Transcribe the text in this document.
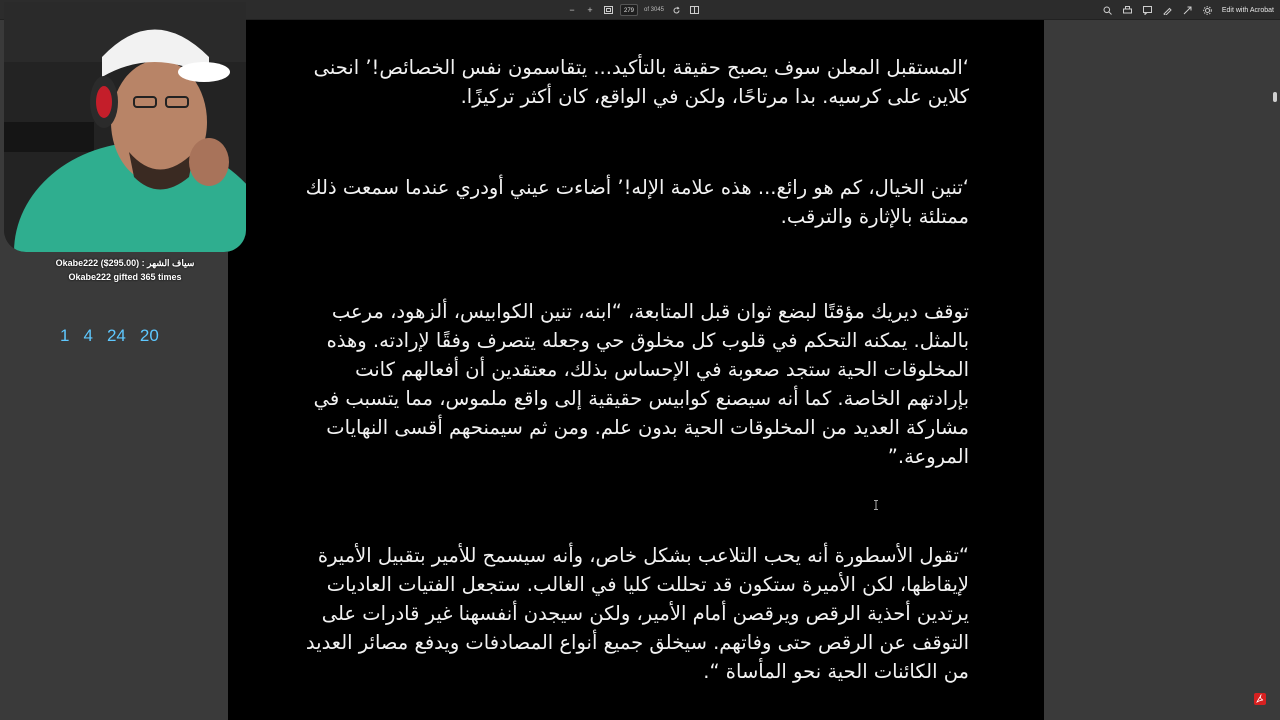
−	+	279	of 3045	Edit with Acrobat

‘المستقبل المعلن سوف يصبح حقيقة بالتأكيد... يتقاسمون نفس الخصائص!’ انحنى كلاين على كرسيه. بدا مرتاحًا، ولكن في الواقع، كان أكثر تركيزًا.

‘تنين الخيال، كم هو رائع... هذه علامة الإله!’ أضاءت عيني أودري عندما سمعت ذلك ممتلئة بالإثارة والترقب.

توقف ديريك مؤقتًا لبضع ثوان قبل المتابعة، “ابنه، تنين الكوابيس، ألزهود، مرعب بالمثل. يمكنه التحكم في قلوب كل مخلوق حي وجعله يتصرف وفقًا لإرادته. وهذه المخلوقات الحية ستجد صعوبة في الإحساس بذلك، معتقدين أن أفعالهم كانت بإرادتهم الخاصة. كما أنه سيصنع كوابيس حقيقية إلى واقع ملموس، مما يتسبب في مشاركة العديد من المخلوقات الحية بدون علم. ومن ثم سيمنحهم أقسى النهايات المروعة.”

“تقول الأسطورة أنه يحب التلاعب بشكل خاص، وأنه سيسمح للأمير بتقبيل الأميرة لإيقاظها، لكن الأميرة ستكون قد تحللت كليا في الغالب. ستجعل الفتيات العاديات يرتدين أحذية الرقص ويرقصن أمام الأمير، ولكن سيجدن أنفسهنا غير قادرات على التوقف عن الرقص حتى وفاتهم. سيخلق جميع أنواع المصادفات ويدفع مصائر العديد من الكائنات الحية نحو المأساة “.

Okabe222 ($295.00) : سياف الشهر
Okabe222 gifted 365 times
1 4 24 20
